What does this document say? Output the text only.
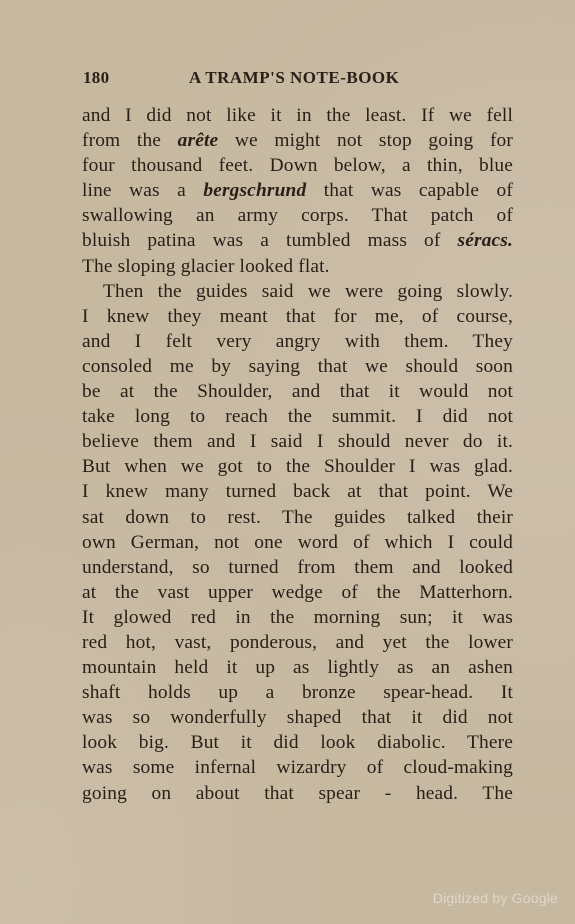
180	A TRAMP'S NOTE-BOOK
and I did not like it in the least. If we fell
from the arête we might not stop going for
four thousand feet. Down below, a thin, blue
line was a bergschrund that was capable of
swallowing an army corps. That patch of
bluish patina was a tumbled mass of séracs.
The sloping glacier looked flat.
Then the guides said we were going slowly.
I knew they meant that for me, of course,
and I felt very angry with them. They
consoled me by saying that we should soon
be at the Shoulder, and that it would not
take long to reach the summit. I did not
believe them and I said I should never do it.
But when we got to the Shoulder I was glad.
I knew many turned back at that point. We
sat down to rest. The guides talked their
own German, not one word of which I could
understand, so turned from them and looked
at the vast upper wedge of the Matterhorn.
It glowed red in the morning sun; it was
red hot, vast, ponderous, and yet the lower
mountain held it up as lightly as an ashen
shaft holds up a bronze spear-head. It
was so wonderfully shaped that it did not
look big. But it did look diabolic. There
was some infernal wizardry of cloud-making
going on about that spear - head. The
Digitized by Google
